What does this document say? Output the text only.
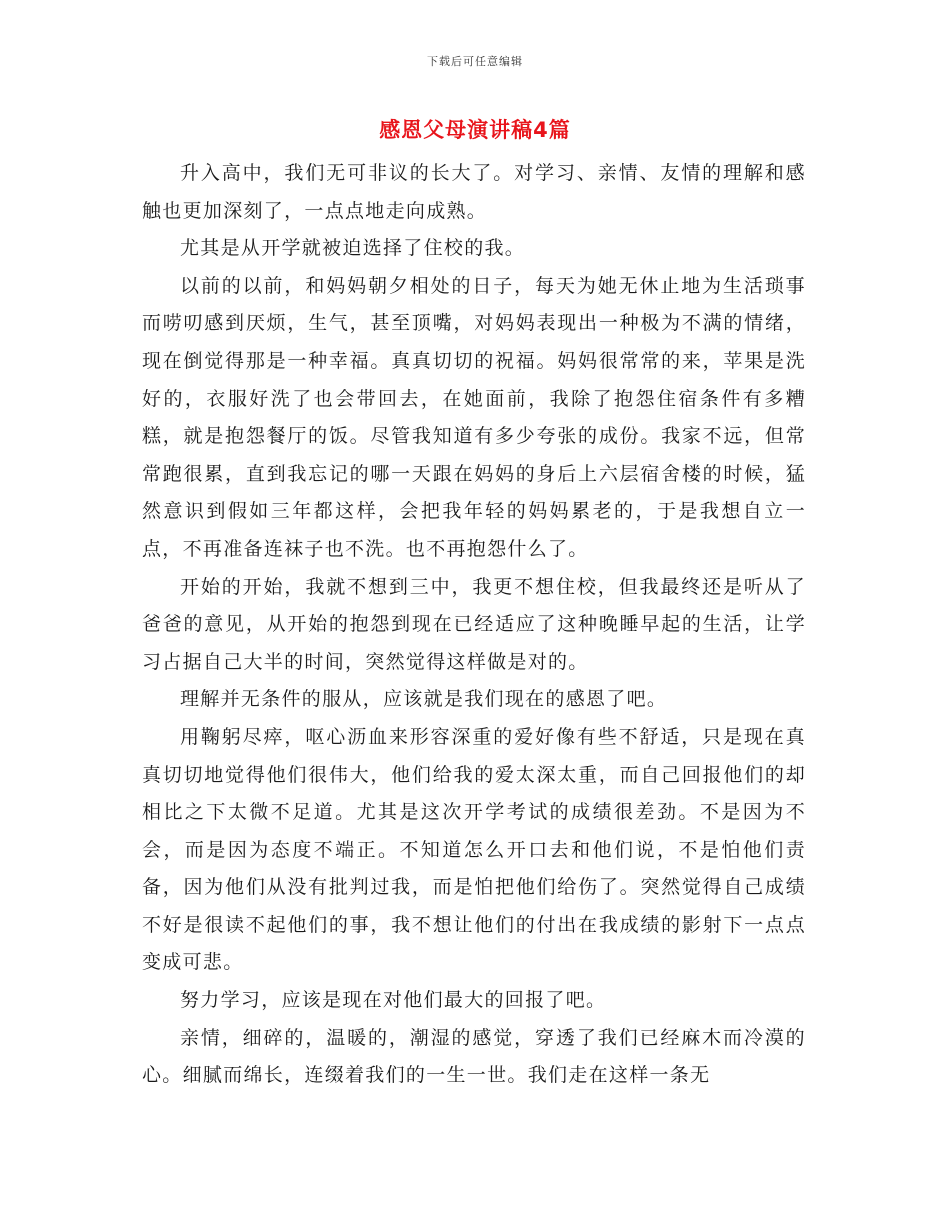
下载后可任意编辑
感恩父母演讲稿4篇

升入高中，我们无可非议的长大了。对学习、亲情、友情的理解和感触也更加深刻了，一点点地走向成熟。

尤其是从开学就被迫选择了住校的我。

以前的以前，和妈妈朝夕相处的日子，每天为她无休止地为生活琐事而唠叨感到厌烦，生气，甚至顶嘴，对妈妈表现出一种极为不满的情绪，现在倒觉得那是一种幸福。真真切切的祝福。妈妈很常常的来，苹果是洗好的，衣服好洗了也会带回去，在她面前，我除了抱怨住宿条件有多糟糕，就是抱怨餐厅的饭。尽管我知道有多少夸张的成份。我家不远，但常常跑很累，直到我忘记的哪一天跟在妈妈的身后上六层宿舍楼的时候，猛然意识到假如三年都这样，会把我年轻的妈妈累老的，于是我想自立一点，不再准备连袜子也不洗。也不再抱怨什么了。

开始的开始，我就不想到三中，我更不想住校，但我最终还是听从了爸爸的意见，从开始的抱怨到现在已经适应了这种晚睡早起的生活，让学习占据自己大半的时间，突然觉得这样做是对的。

理解并无条件的服从，应该就是我们现在的感恩了吧。

用鞠躬尽瘁，呕心沥血来形容深重的爱好像有些不舒适，只是现在真真切切地觉得他们很伟大，他们给我的爱太深太重，而自己回报他们的却相比之下太微不足道。尤其是这次开学考试的成绩很差劲。不是因为不会，而是因为态度不端正。不知道怎么开口去和他们说，不是怕他们责备，因为他们从没有批判过我，而是怕把他们给伤了。突然觉得自己成绩不好是很读不起他们的事，我不想让他们的付出在我成绩的影射下一点点变成可悲。

努力学习，应该是现在对他们最大的回报了吧。

亲情，细碎的，温暖的，潮湿的感觉，穿透了我们已经麻木而冷漠的心。细腻而绵长，连缀着我们的一生一世。我们走在这样一条无
